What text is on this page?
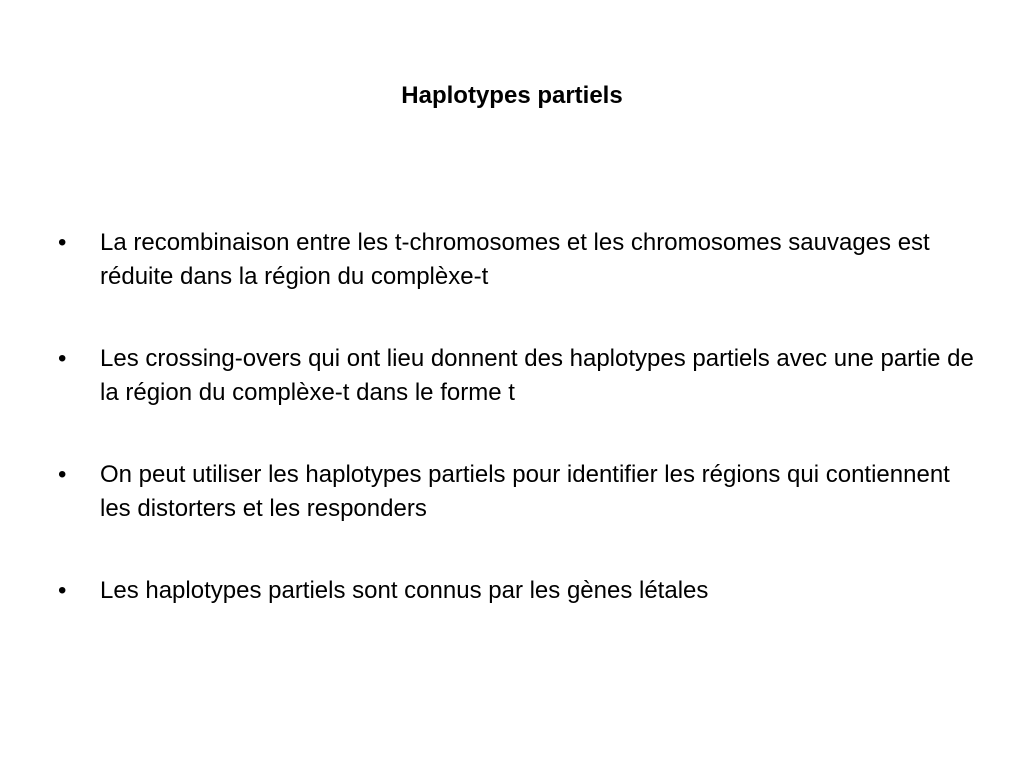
Haplotypes partiels
•	La recombinaison entre les t-chromosomes et les chromosomes sauvages est réduite dans la région du complèxe-t
•	Les crossing-overs qui ont lieu donnent des haplotypes partiels avec une partie de la région du complèxe-t dans le forme t
•	On peut utiliser les haplotypes partiels pour identifier les régions qui contiennent les distorters et les responders
•	Les haplotypes partiels sont connus par les gènes létales
